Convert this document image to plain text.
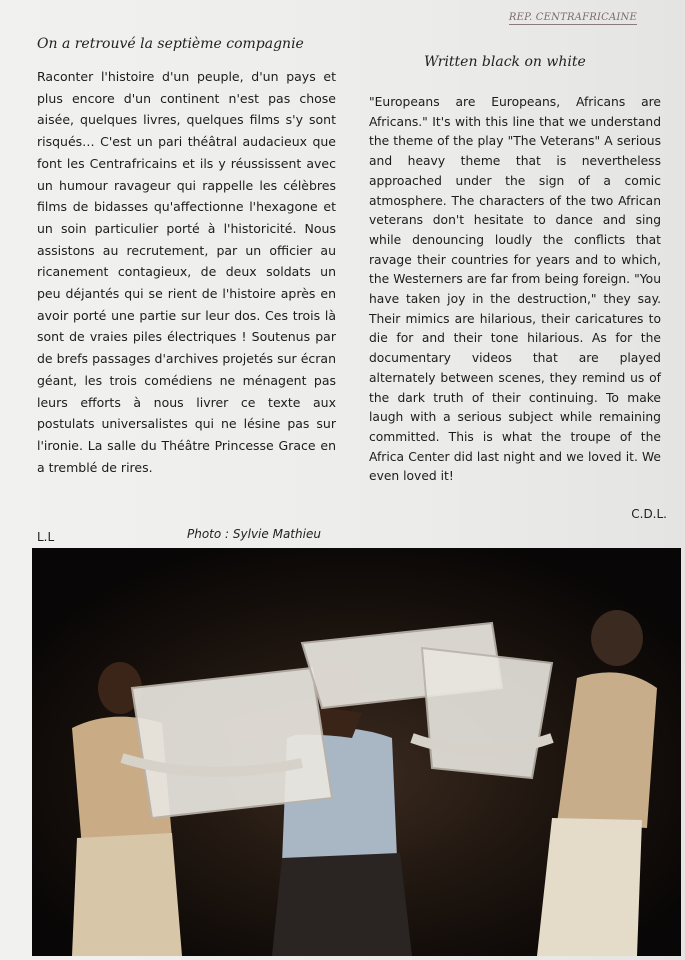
REP. CENTRAFRICAINE
On a retrouvé la septième compagnie
Raconter l'histoire d'un peuple, d'un pays et plus encore d'un continent n'est pas chose aisée, quelques livres, quelques films s'y sont risqués… C'est un pari théâtral audacieux que font les Centrafricains et ils y réussissent avec un humour ravageur qui rappelle les célèbres films de bidasses qu'affectionne l'hexagone et un soin particulier porté à l'historicité. Nous assistons au recrutement, par un officier au ricanement contagieux, de deux soldats un peu déjantés qui se rient de l'histoire après en avoir porté une partie sur leur dos. Ces trois là sont de vraies piles électriques ! Soutenus par de brefs passages d'archives projetés sur écran géant, les trois comédiens ne ménagent pas leurs efforts à nous livrer ce texte aux postulats universalistes qui ne lésine pas sur l'ironie. La salle du Théâtre Princesse Grace en a tremblé de rires.
Written black on white
"Europeans are Europeans, Africans are Africans." It's with this line that we understand the theme of the play "The Veterans" A serious and heavy theme that is nevertheless approached under the sign of a comic atmosphere. The characters of the two African veterans don't hesitate to dance and sing while denouncing loudly the conflicts that ravage their countries for years and to which, the Westerners are far from being foreign. "You have taken joy in the destruction," they say. Their mimics are hilarious, their caricatures to die for and their tone hilarious. As for the documentary videos that are played alternately between scenes, they remind us of the dark truth of their continuing. To make laugh with a serious subject while remaining committed. This is what the troupe of the Africa Center did last night and we loved it. We even loved it!
C.D.L.
L.L	Photo : Sylvie Mathieu
